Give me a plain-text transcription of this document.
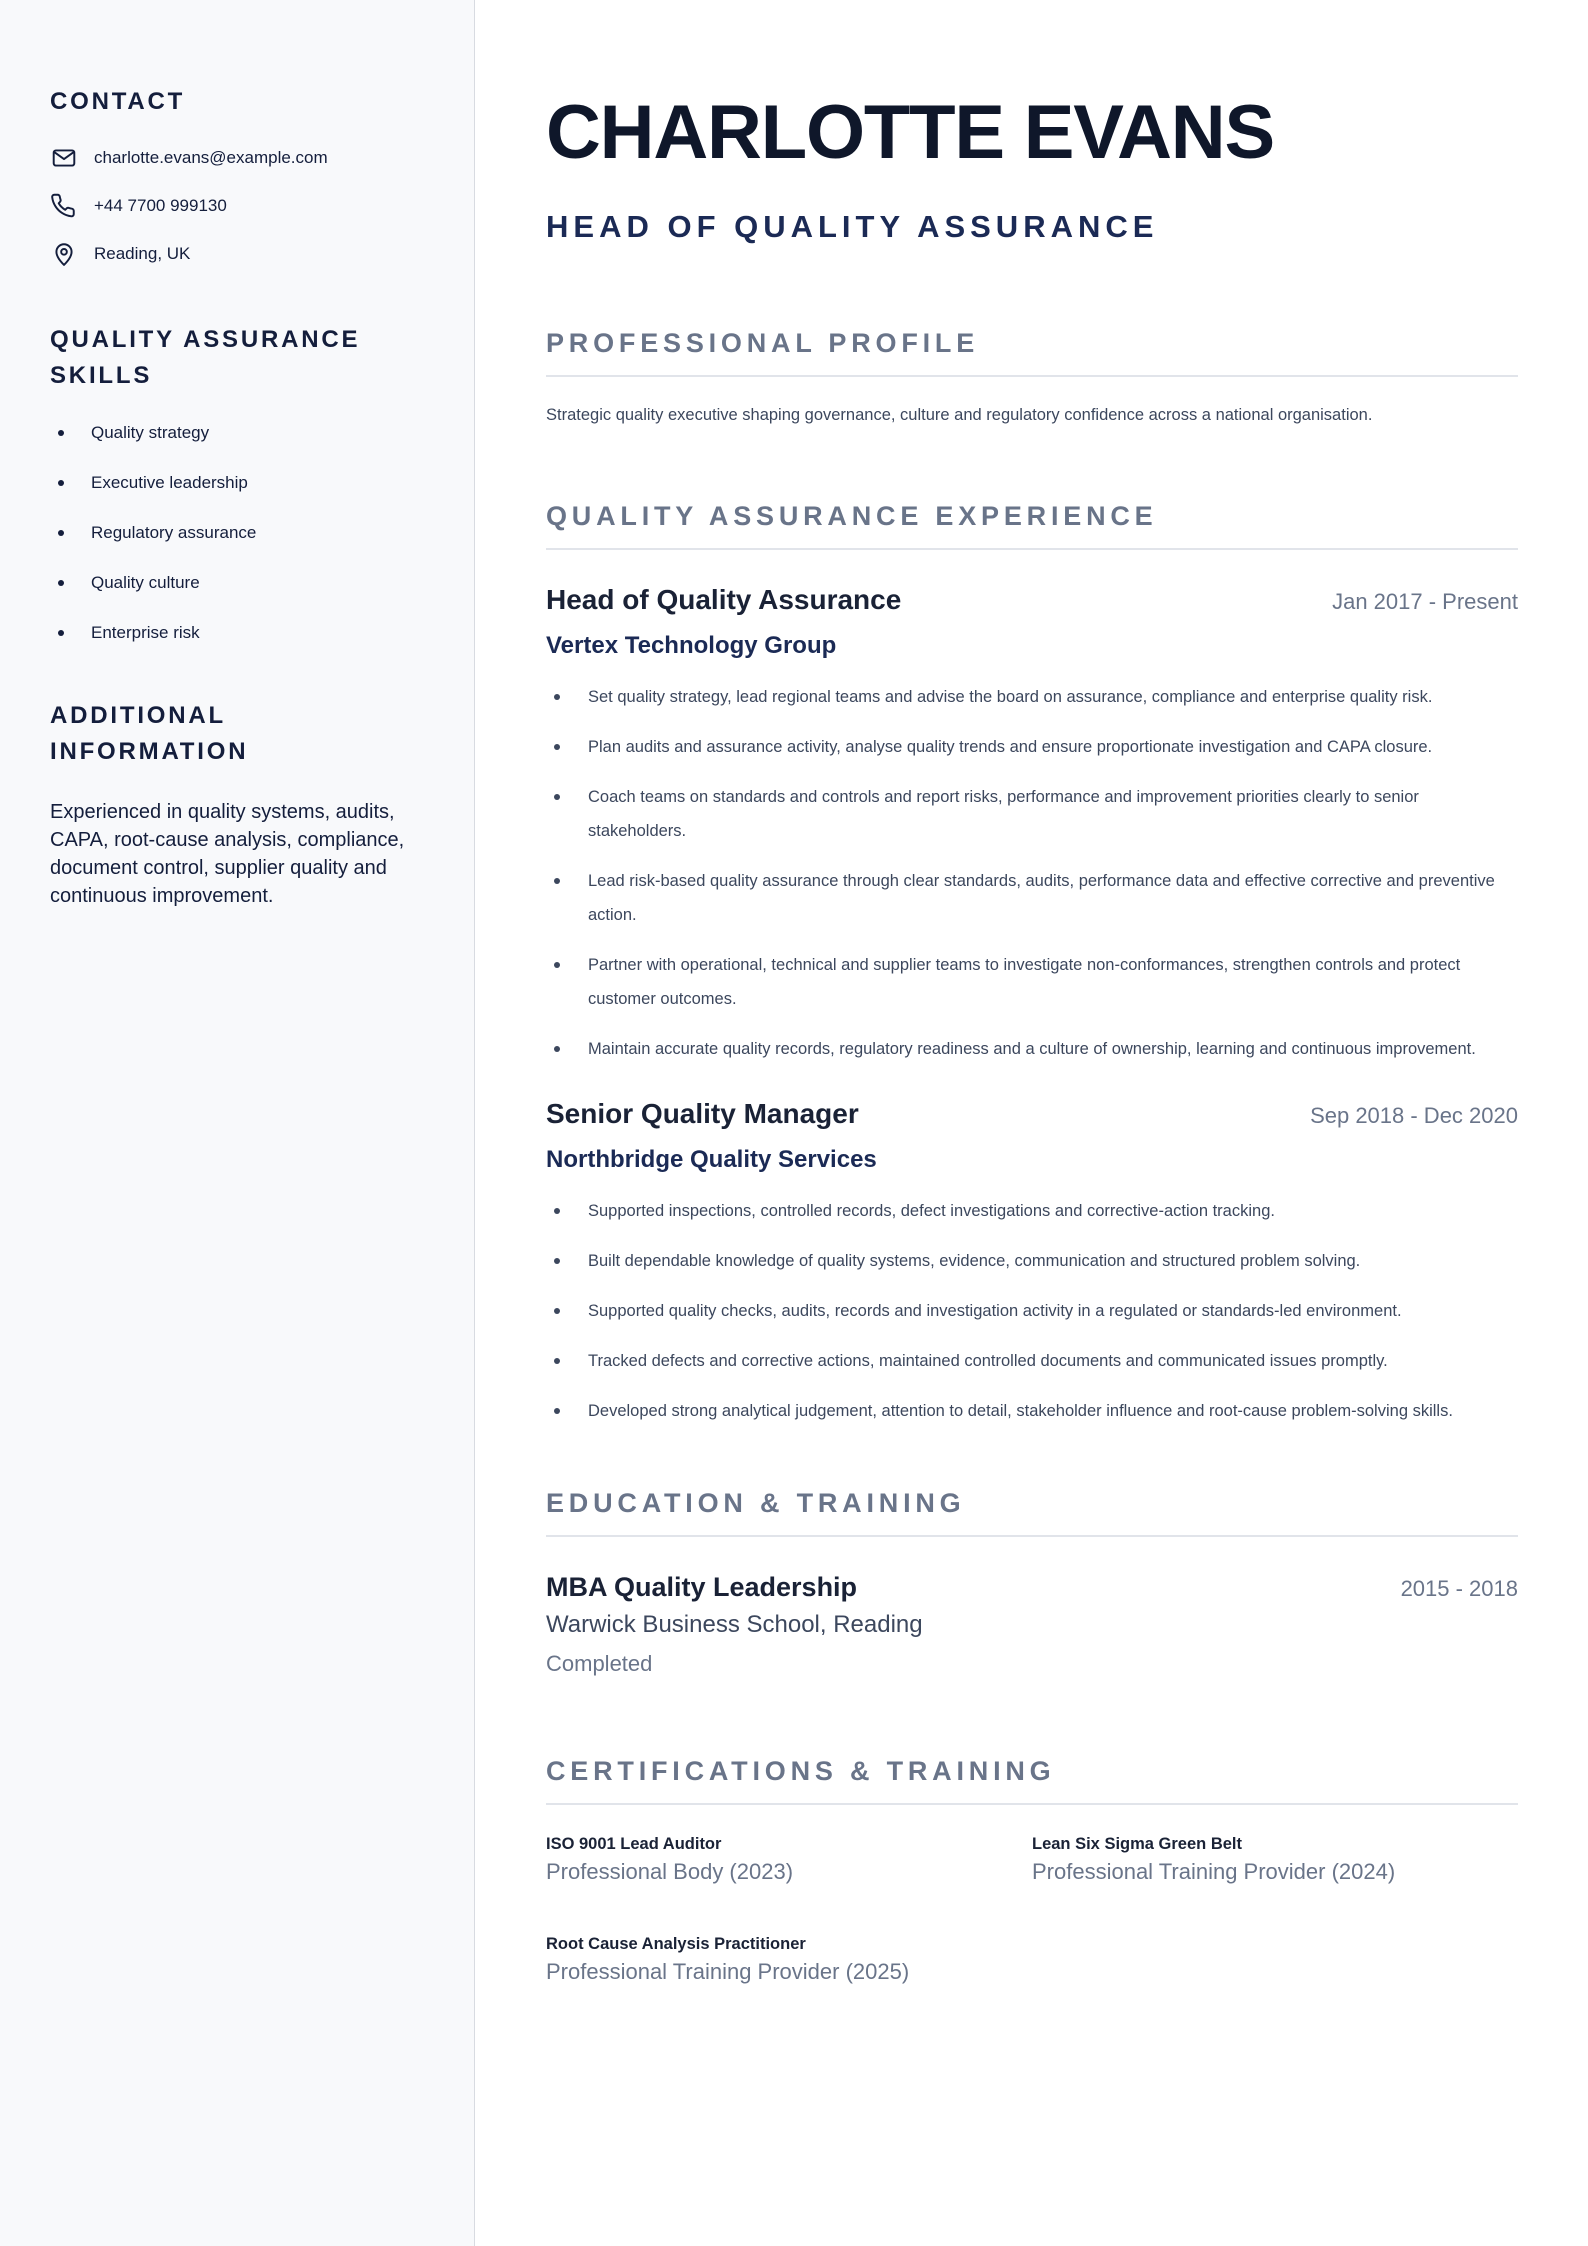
CONTACT
charlotte.evans@example.com
+44 7700 999130
Reading, UK
QUALITY ASSURANCE SKILLS
Quality strategy
Executive leadership
Regulatory assurance
Quality culture
Enterprise risk
ADDITIONAL INFORMATION

Experienced in quality systems, audits, CAPA, root-cause analysis, compliance, document control, supplier quality and continuous improvement.

CHARLOTTE EVANS
HEAD OF QUALITY ASSURANCE
PROFESSIONAL PROFILE

Strategic quality executive shaping governance, culture and regulatory confidence across a national organisation.

QUALITY ASSURANCE EXPERIENCE
Head of Quality Assurance	Jan 2017 - Present
Vertex Technology Group
Set quality strategy, lead regional teams and advise the board on assurance, compliance and enterprise quality risk.
Plan audits and assurance activity, analyse quality trends and ensure proportionate investigation and CAPA closure.
Coach teams on standards and controls and report risks, performance and improvement priorities clearly to senior stakeholders.
Lead risk-based quality assurance through clear standards, audits, performance data and effective corrective and preventive action.
Partner with operational, technical and supplier teams to investigate non-conformances, strengthen controls and protect customer outcomes.
Maintain accurate quality records, regulatory readiness and a culture of ownership, learning and continuous improvement.
Senior Quality Manager	Sep 2018 - Dec 2020
Northbridge Quality Services
Supported inspections, controlled records, defect investigations and corrective-action tracking.
Built dependable knowledge of quality systems, evidence, communication and structured problem solving.
Supported quality checks, audits, records and investigation activity in a regulated or standards-led environment.
Tracked defects and corrective actions, maintained controlled documents and communicated issues promptly.
Developed strong analytical judgement, attention to detail, stakeholder influence and root-cause problem-solving skills.
EDUCATION & TRAINING
MBA Quality Leadership	2015 - 2018
Warwick Business School, Reading
Completed
CERTIFICATIONS & TRAINING
ISO 9001 Lead Auditor
Professional Body (2023)
Lean Six Sigma Green Belt
Professional Training Provider (2024)
Root Cause Analysis Practitioner
Professional Training Provider (2025)
